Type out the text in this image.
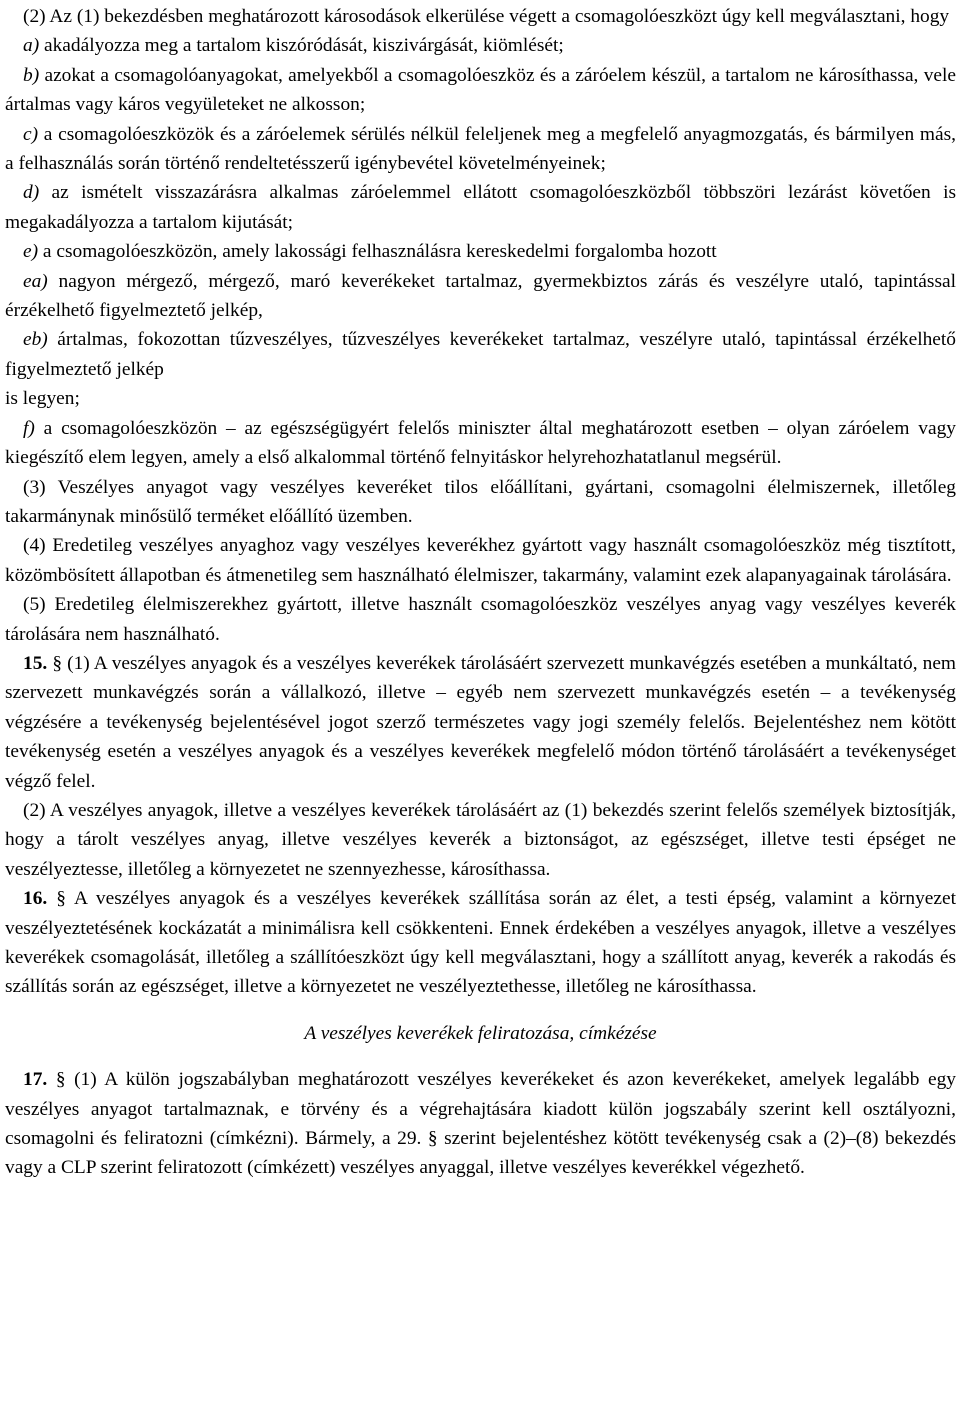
(2) Az (1) bekezdésben meghatározott károsodások elkerülése végett a csomagolóeszközt úgy kell megválasztani, hogy

a) akadályozza meg a tartalom kiszóródását, kiszivárgását, kiömlését;

b) azokat a csomagolóanyagokat, amelyekből a csomagolóeszköz és a záróelem készül, a tartalom ne károsíthassa, vele ártalmas vagy káros vegyületeket ne alkosson;

c) a csomagolóeszközök és a záróelemek sérülés nélkül feleljenek meg a megfelelő anyagmozgatás, és bármilyen más, a felhasználás során történő rendeltetésszerű igénybevétel követelményeinek;

d) az ismételt visszazárásra alkalmas záróelemmel ellátott csomagolóeszközből többszöri lezárást követően is megakadályozza a tartalom kijutását;

e) a csomagolóeszközön, amely lakossági felhasználásra kereskedelmi forgalomba hozott

ea) nagyon mérgező, mérgező, maró keverékeket tartalmaz, gyermekbiztos zárás és veszélyre utaló, tapintással érzékelhető figyelmeztető jelkép,

eb) ártalmas, fokozottan tűzveszélyes, tűzveszélyes keverékeket tartalmaz, veszélyre utaló, tapintással érzékelhető figyelmeztető jelkép

is legyen;

f) a csomagolóeszközön – az egészségügyért felelős miniszter által meghatározott esetben – olyan záróelem vagy kiegészítő elem legyen, amely a első alkalommal történő felnyitáskor helyrehozhatatlanul megsérül.

(3) Veszélyes anyagot vagy veszélyes keveréket tilos előállítani, gyártani, csomagolni élelmiszernek, illetőleg takarmánynak minősülő terméket előállító üzemben.

(4) Eredetileg veszélyes anyaghoz vagy veszélyes keverékhez gyártott vagy használt csomagolóeszköz még tisztított, közömbösített állapotban és átmenetileg sem használható élelmiszer, takarmány, valamint ezek alapanyagainak tárolására.

(5) Eredetileg élelmiszerekhez gyártott, illetve használt csomagolóeszköz veszélyes anyag vagy veszélyes keverék tárolására nem használható.

15. § (1) A veszélyes anyagok és a veszélyes keverékek tárolásáért szervezett munkavégzés esetében a munkáltató, nem szervezett munkavégzés során a vállalkozó, illetve – egyéb nem szervezett munkavégzés esetén – a tevékenység végzésére a tevékenység bejelentésével jogot szerző természetes vagy jogi személy felelős. Bejelentéshez nem kötött tevékenység esetén a veszélyes anyagok és a veszélyes keverékek megfelelő módon történő tárolásáért a tevékenységet végző felel.

(2) A veszélyes anyagok, illetve a veszélyes keverékek tárolásáért az (1) bekezdés szerint felelős személyek biztosítják, hogy a tárolt veszélyes anyag, illetve veszélyes keverék a biztonságot, az egészséget, illetve testi épséget ne veszélyeztesse, illetőleg a környezetet ne szennyezhesse, károsíthassa.

16. § A veszélyes anyagok és a veszélyes keverékek szállítása során az élet, a testi épség, valamint a környezet veszélyeztetésének kockázatát a minimálisra kell csökkenteni. Ennek érdekében a veszélyes anyagok, illetve a veszélyes keverékek csomagolását, illetőleg a szállítóeszközt úgy kell megválasztani, hogy a szállított anyag, keverék a rakodás és szállítás során az egészséget, illetve a környezetet ne veszélyeztethesse, illetőleg ne károsíthassa.

A veszélyes keverékek feliratozása, címkézése

17. § (1) A külön jogszabályban meghatározott veszélyes keverékeket és azon keverékeket, amelyek legalább egy veszélyes anyagot tartalmaznak, e törvény és a végrehajtására kiadott külön jogszabály szerint kell osztályozni, csomagolni és feliratozni (címkézni). Bármely, a 29. § szerint bejelentéshez kötött tevékenység csak a (2)–(8) bekezdés vagy a CLP szerint feliratozott (címkézett) veszélyes anyaggal, illetve veszélyes keverékkel végezhető.
